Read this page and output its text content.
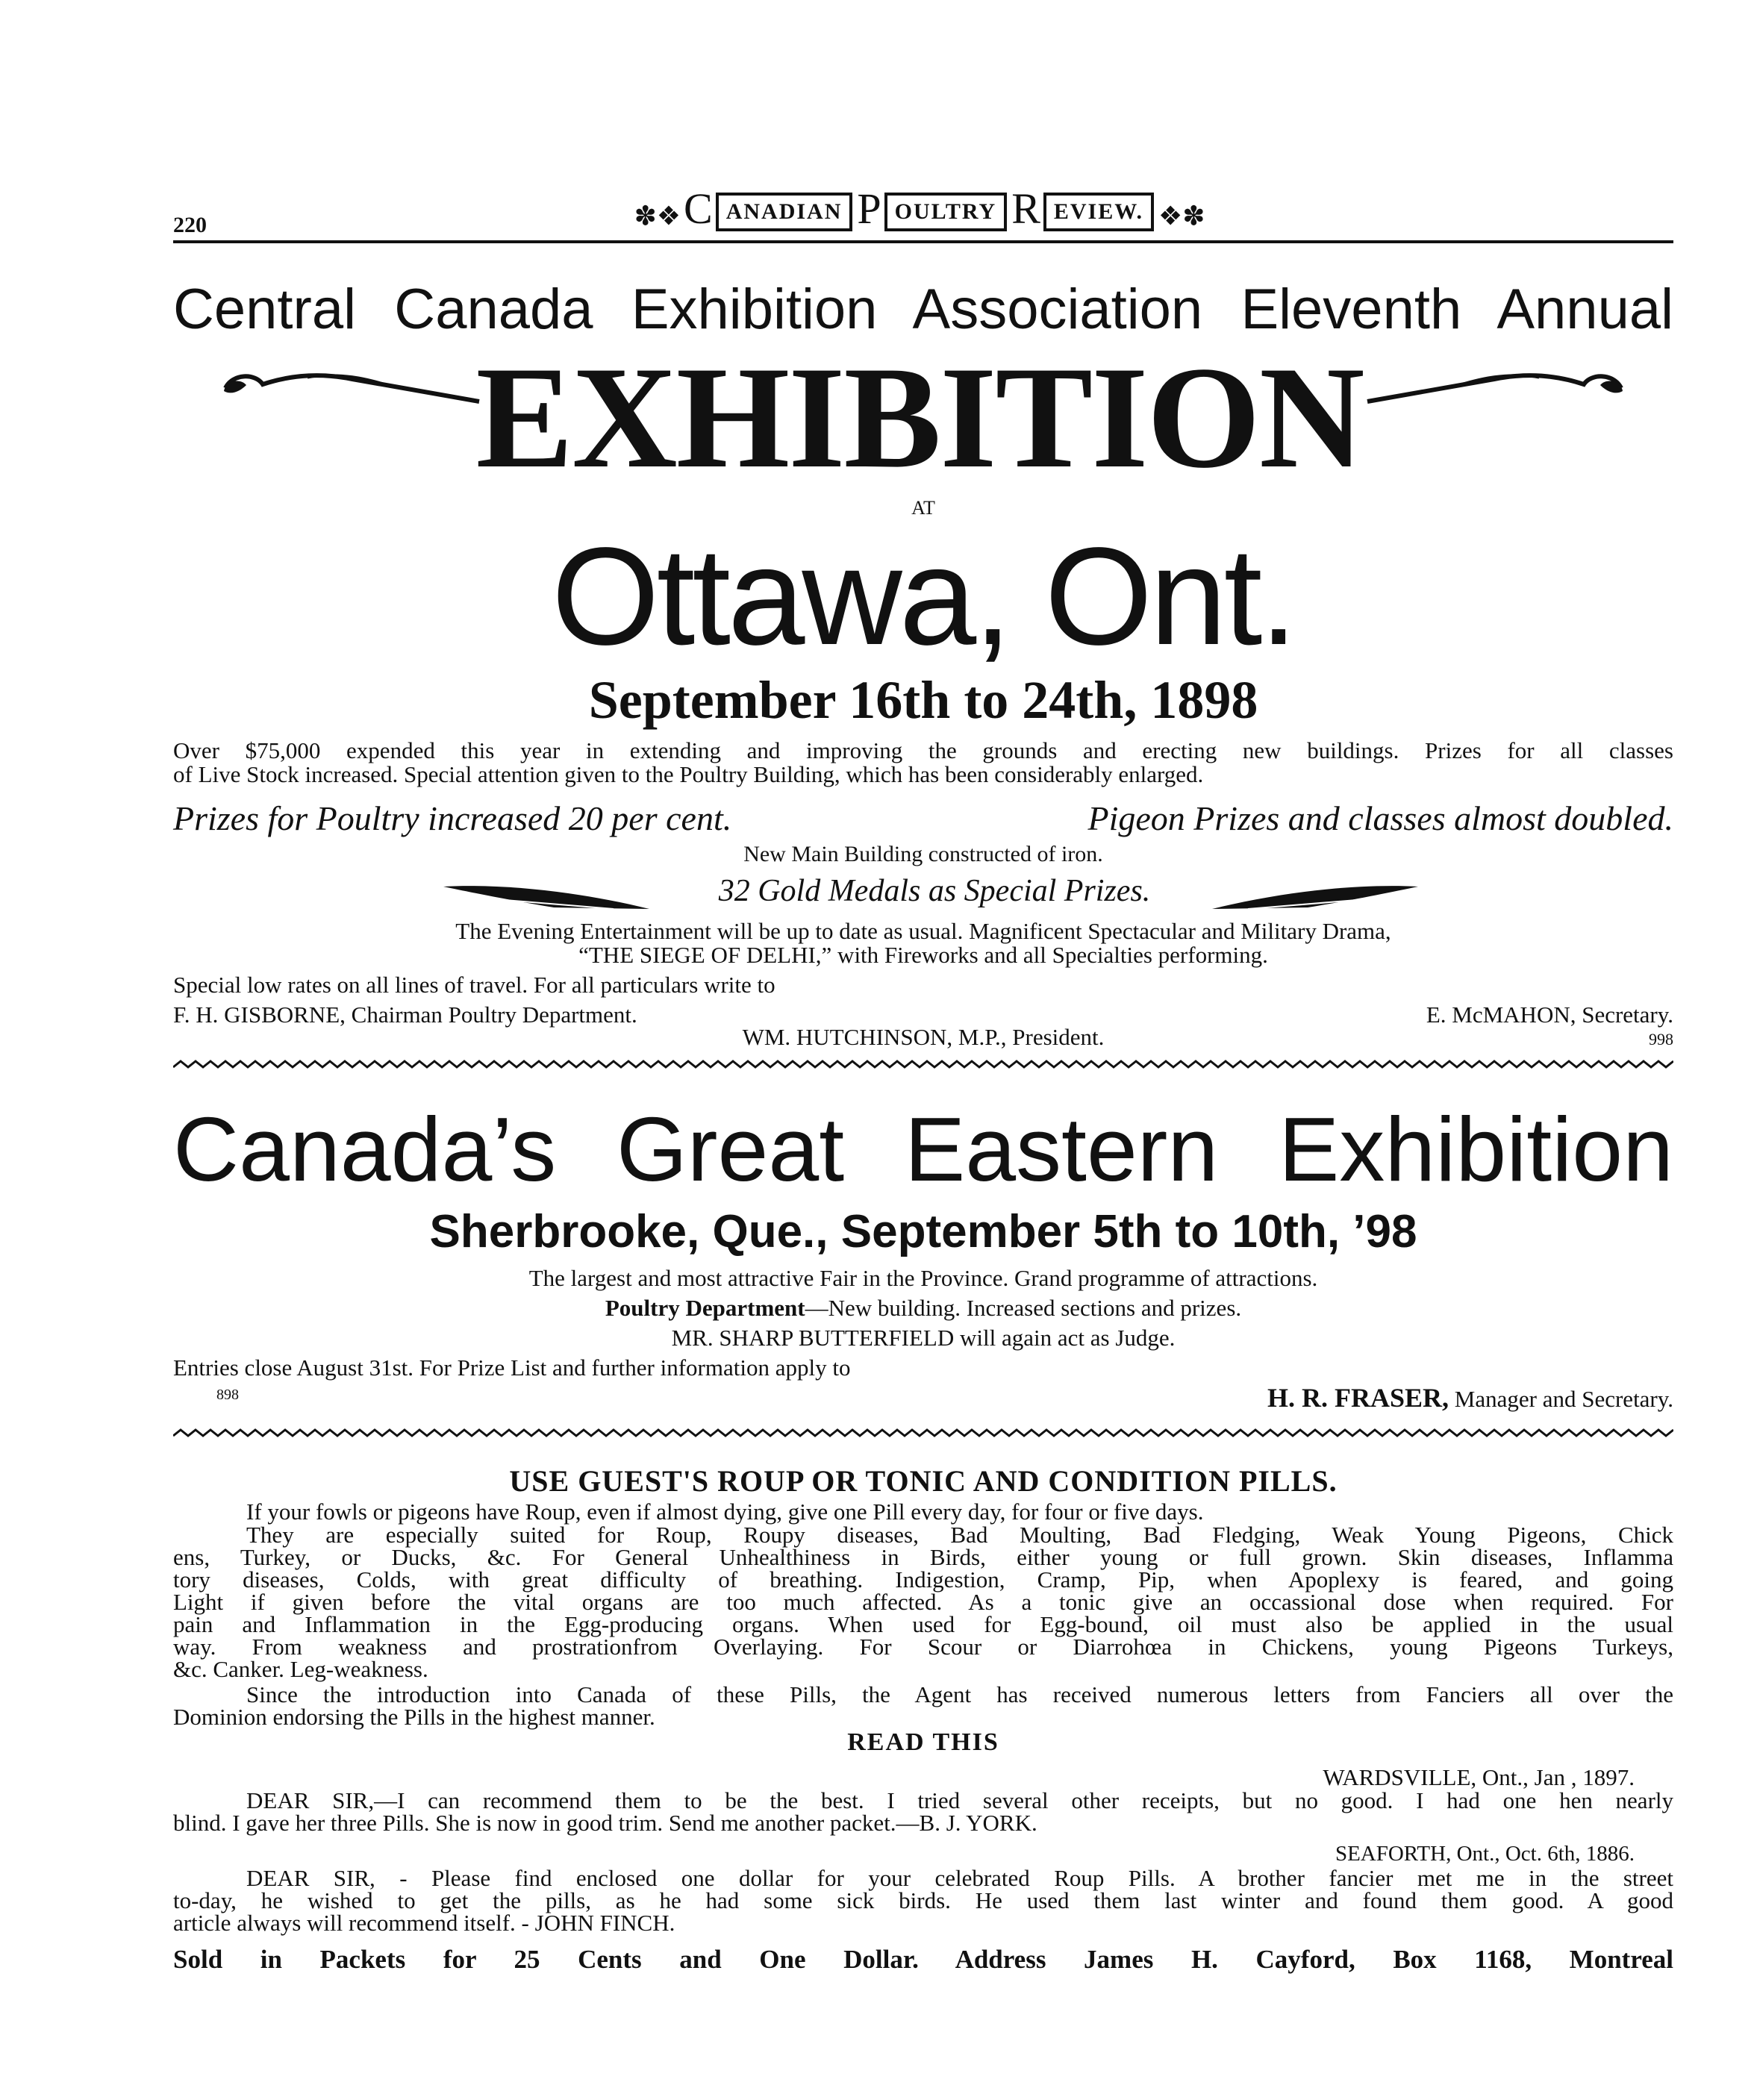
220	✽❖ C ANADIAN P OULTRY R EVIEW. ❖✽
Central Canada Exhibition Association Eleventh Annual
EXHIBITION
AT
Ottawa, Ont.
September 16th to 24th, 1898
Over $75,000 expended this year in extending and improving the grounds and erecting new buildings. Prizes for all classes
of Live Stock increased. Special attention given to the Poultry Building, which has been considerably enlarged.
Prizes for Poultry increased 20 per cent.	Pigeon Prizes and classes almost doubled.
New Main Building constructed of iron.
32 Gold Medals as Special Prizes.
The Evening Entertainment will be up to date as usual. Magnificent Spectacular and Military Drama,
“THE SIEGE OF DELHI,” with Fireworks and all Specialties performing.
Special low rates on all lines of travel. For all particulars write to
F. H. GISBORNE, Chairman Poultry Department.	E. McMAHON, Secretary.
WM. HUTCHINSON, M.P., President.	998
Canada’s Great Eastern Exhibition
Sherbrooke, Que., September 5th to 10th, ’98
The largest and most attractive Fair in the Province. Grand programme of attractions.
Poultry Department—New building. Increased sections and prizes.
MR. SHARP BUTTERFIELD will again act as Judge.
Entries close August 31st. For Prize List and further information apply to
898	H. R. FRASER, Manager and Secretary.
USE GUEST'S ROUP OR TONIC AND CONDITION PILLS.
If your fowls or pigeons have Roup, even if almost dying, give one Pill every day, for four or five days.
They are especially suited for Roup, Roupy diseases, Bad Moulting, Bad Fledging, Weak Young Pigeons, Chick
ens, Turkey, or Ducks, &c. For General Unhealthiness in Birds, either young or full grown. Skin diseases, Inflamma
tory diseases, Colds, with great difficulty of breathing. Indigestion, Cramp, Pip, when Apoplexy is feared, and going
Light if given before the vital organs are too much affected. As a tonic give an occassional dose when required. For
pain and Inflammation in the Egg-producing organs. When used for Egg-bound, oil must also be applied in the usual
way. From weakness and prostrationfrom Overlaying. For Scour or Diarrohœa in Chickens, young Pigeons Turkeys,
&c. Canker. Leg-weakness.
Since the introduction into Canada of these Pills, the Agent has received numerous letters from Fanciers all over the
Dominion endorsing the Pills in the highest manner.
READ THIS
WARDSVILLE, Ont., Jan , 1897.
DEAR SIR,—I can recommend them to be the best. I tried several other receipts, but no good. I had one hen nearly
blind. I gave her three Pills. She is now in good trim. Send me another packet.—B. J. YORK.
SEAFORTH, Ont., Oct. 6th, 1886.
DEAR SIR, - Please find enclosed one dollar for your celebrated Roup Pills. A brother fancier met me in the street
to-day, he wished to get the pills, as he had some sick birds. He used them last winter and found them good. A good
article always will recommend itself. - JOHN FINCH.
Sold in Packets for 25 Cents and One Dollar. Address James H. Cayford, Box 1168, Montreal
